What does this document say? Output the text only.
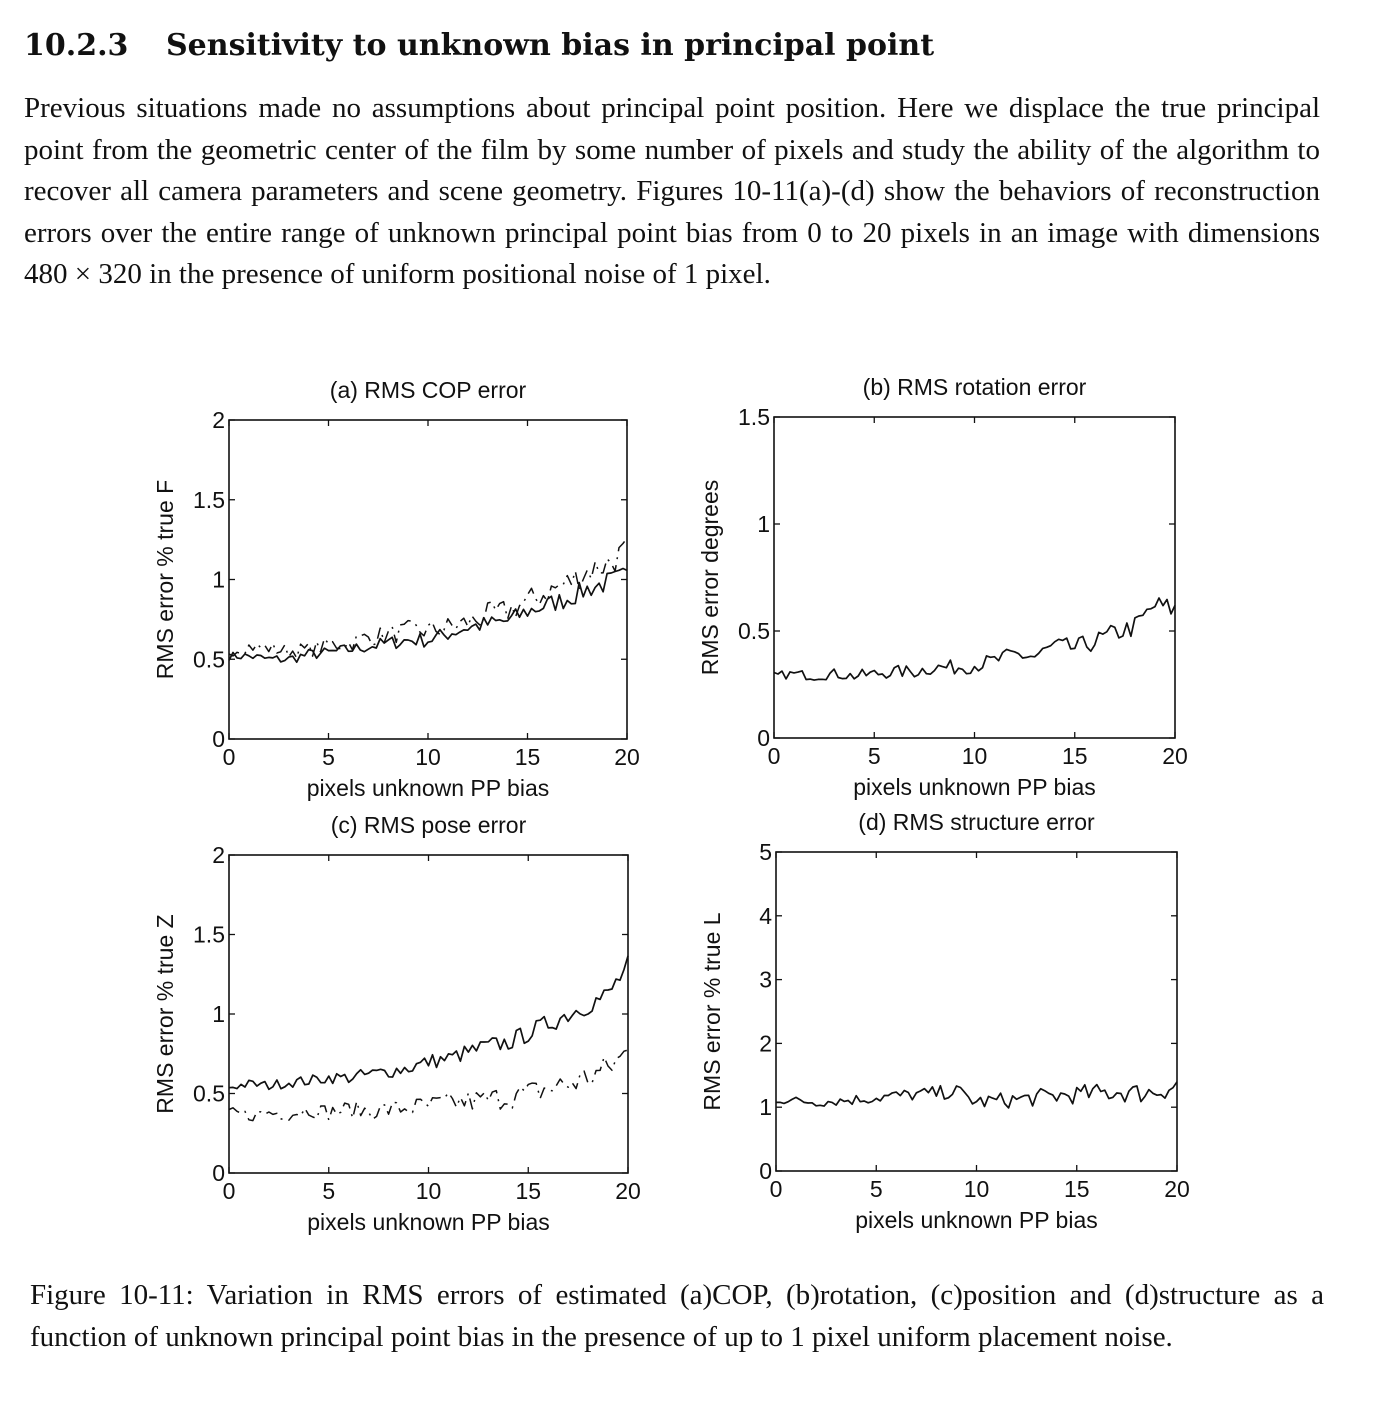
10.2.3 Sensitivity to unknown bias in principal point

Previous situations made no assumptions about principal point position. Here we displace the true principal point from the geometric center of the film by some number of pixels and study the ability of the algorithm to recover all camera parameters and scene geometry. Figures 10-11(a)-(d) show the behaviors of reconstruction errors over the entire range of unknown principal point bias from 0 to 20 pixels in an image with dimensions 480 × 320 in the presence of uniform positional noise of 1 pixel.

(a) RMS COP error
0	5	10	15	20
0
0.5
1
1.5
2
pixels unknown PP bias
RMS error % true F
(b) RMS rotation error
0	5	10	15	20
0
0.5
1
1.5
pixels unknown PP bias
RMS error degrees
(c) RMS pose error
0	5	10	15	20
0
0.5
1
1.5
2
pixels unknown PP bias
RMS error % true Z
(d) RMS structure error
0	5	10	15	20
0
1
2
3
4
5
pixels unknown PP bias
RMS error % true L

Figure 10-11: Variation in RMS errors of estimated (a)COP, (b)rotation, (c)position and (d)structure as a function of unknown principal point bias in the presence of up to 1 pixel uniform placement noise.
